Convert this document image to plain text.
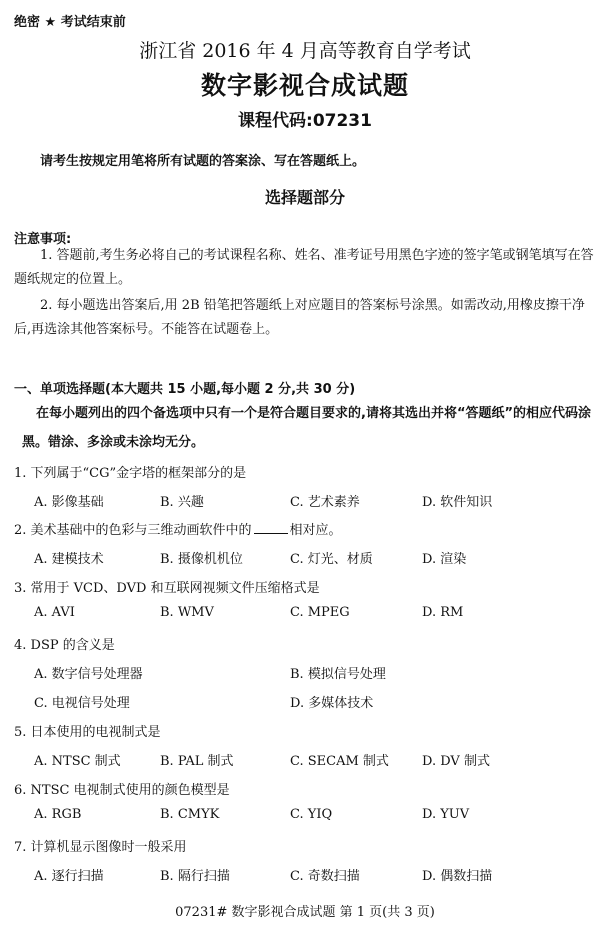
绝密 ★ 考试结束前
浙江省 2016 年 4 月高等教育自学考试
数字影视合成试题
课程代码:07231
请考生按规定用笔将所有试题的答案涂、写在答题纸上。
选择题部分
注意事项:
1. 答题前,考生务必将自己的考试课程名称、姓名、准考证号用黑色字迹的签字笔或钢笔填写在答题纸规定的位置上。
2. 每小题选出答案后,用 2B 铅笔把答题纸上对应题目的答案标号涂黑。如需改动,用橡皮擦干净后,再选涂其他答案标号。不能答在试题卷上。
一、单项选择题(本大题共 15 小题,每小题 2 分,共 30 分)
在每小题列出的四个备选项中只有一个是符合题目要求的,请将其选出并将“答题纸”的相应代码涂黑。错涂、多涂或未涂均无分。
1. 下列属于“CG”金字塔的框架部分的是
A. 影像基础	B. 兴趣	C. 艺术素养	D. 软件知识
2. 美术基础中的色彩与三维动画软件中的	相对应。
A. 建模技术	B. 摄像机机位	C. 灯光、材质	D. 渲染
3. 常用于 VCD、DVD 和互联网视频文件压缩格式是
A. AVI	B. WMV	C. MPEG	D. RM
4. DSP 的含义是
A. 数字信号处理器	B. 模拟信号处理
C. 电视信号处理	D. 多媒体技术
5. 日本使用的电视制式是
A. NTSC 制式	B. PAL 制式	C. SECAM 制式	D. DV 制式
6. NTSC 电视制式使用的颜色模型是
A. RGB	B. CMYK	C. YIQ	D. YUV
7. 计算机显示图像时一般采用
A. 逐行扫描	B. 隔行扫描	C. 奇数扫描	D. 偶数扫描
07231# 数字影视合成试题 第 1 页(共 3 页)
